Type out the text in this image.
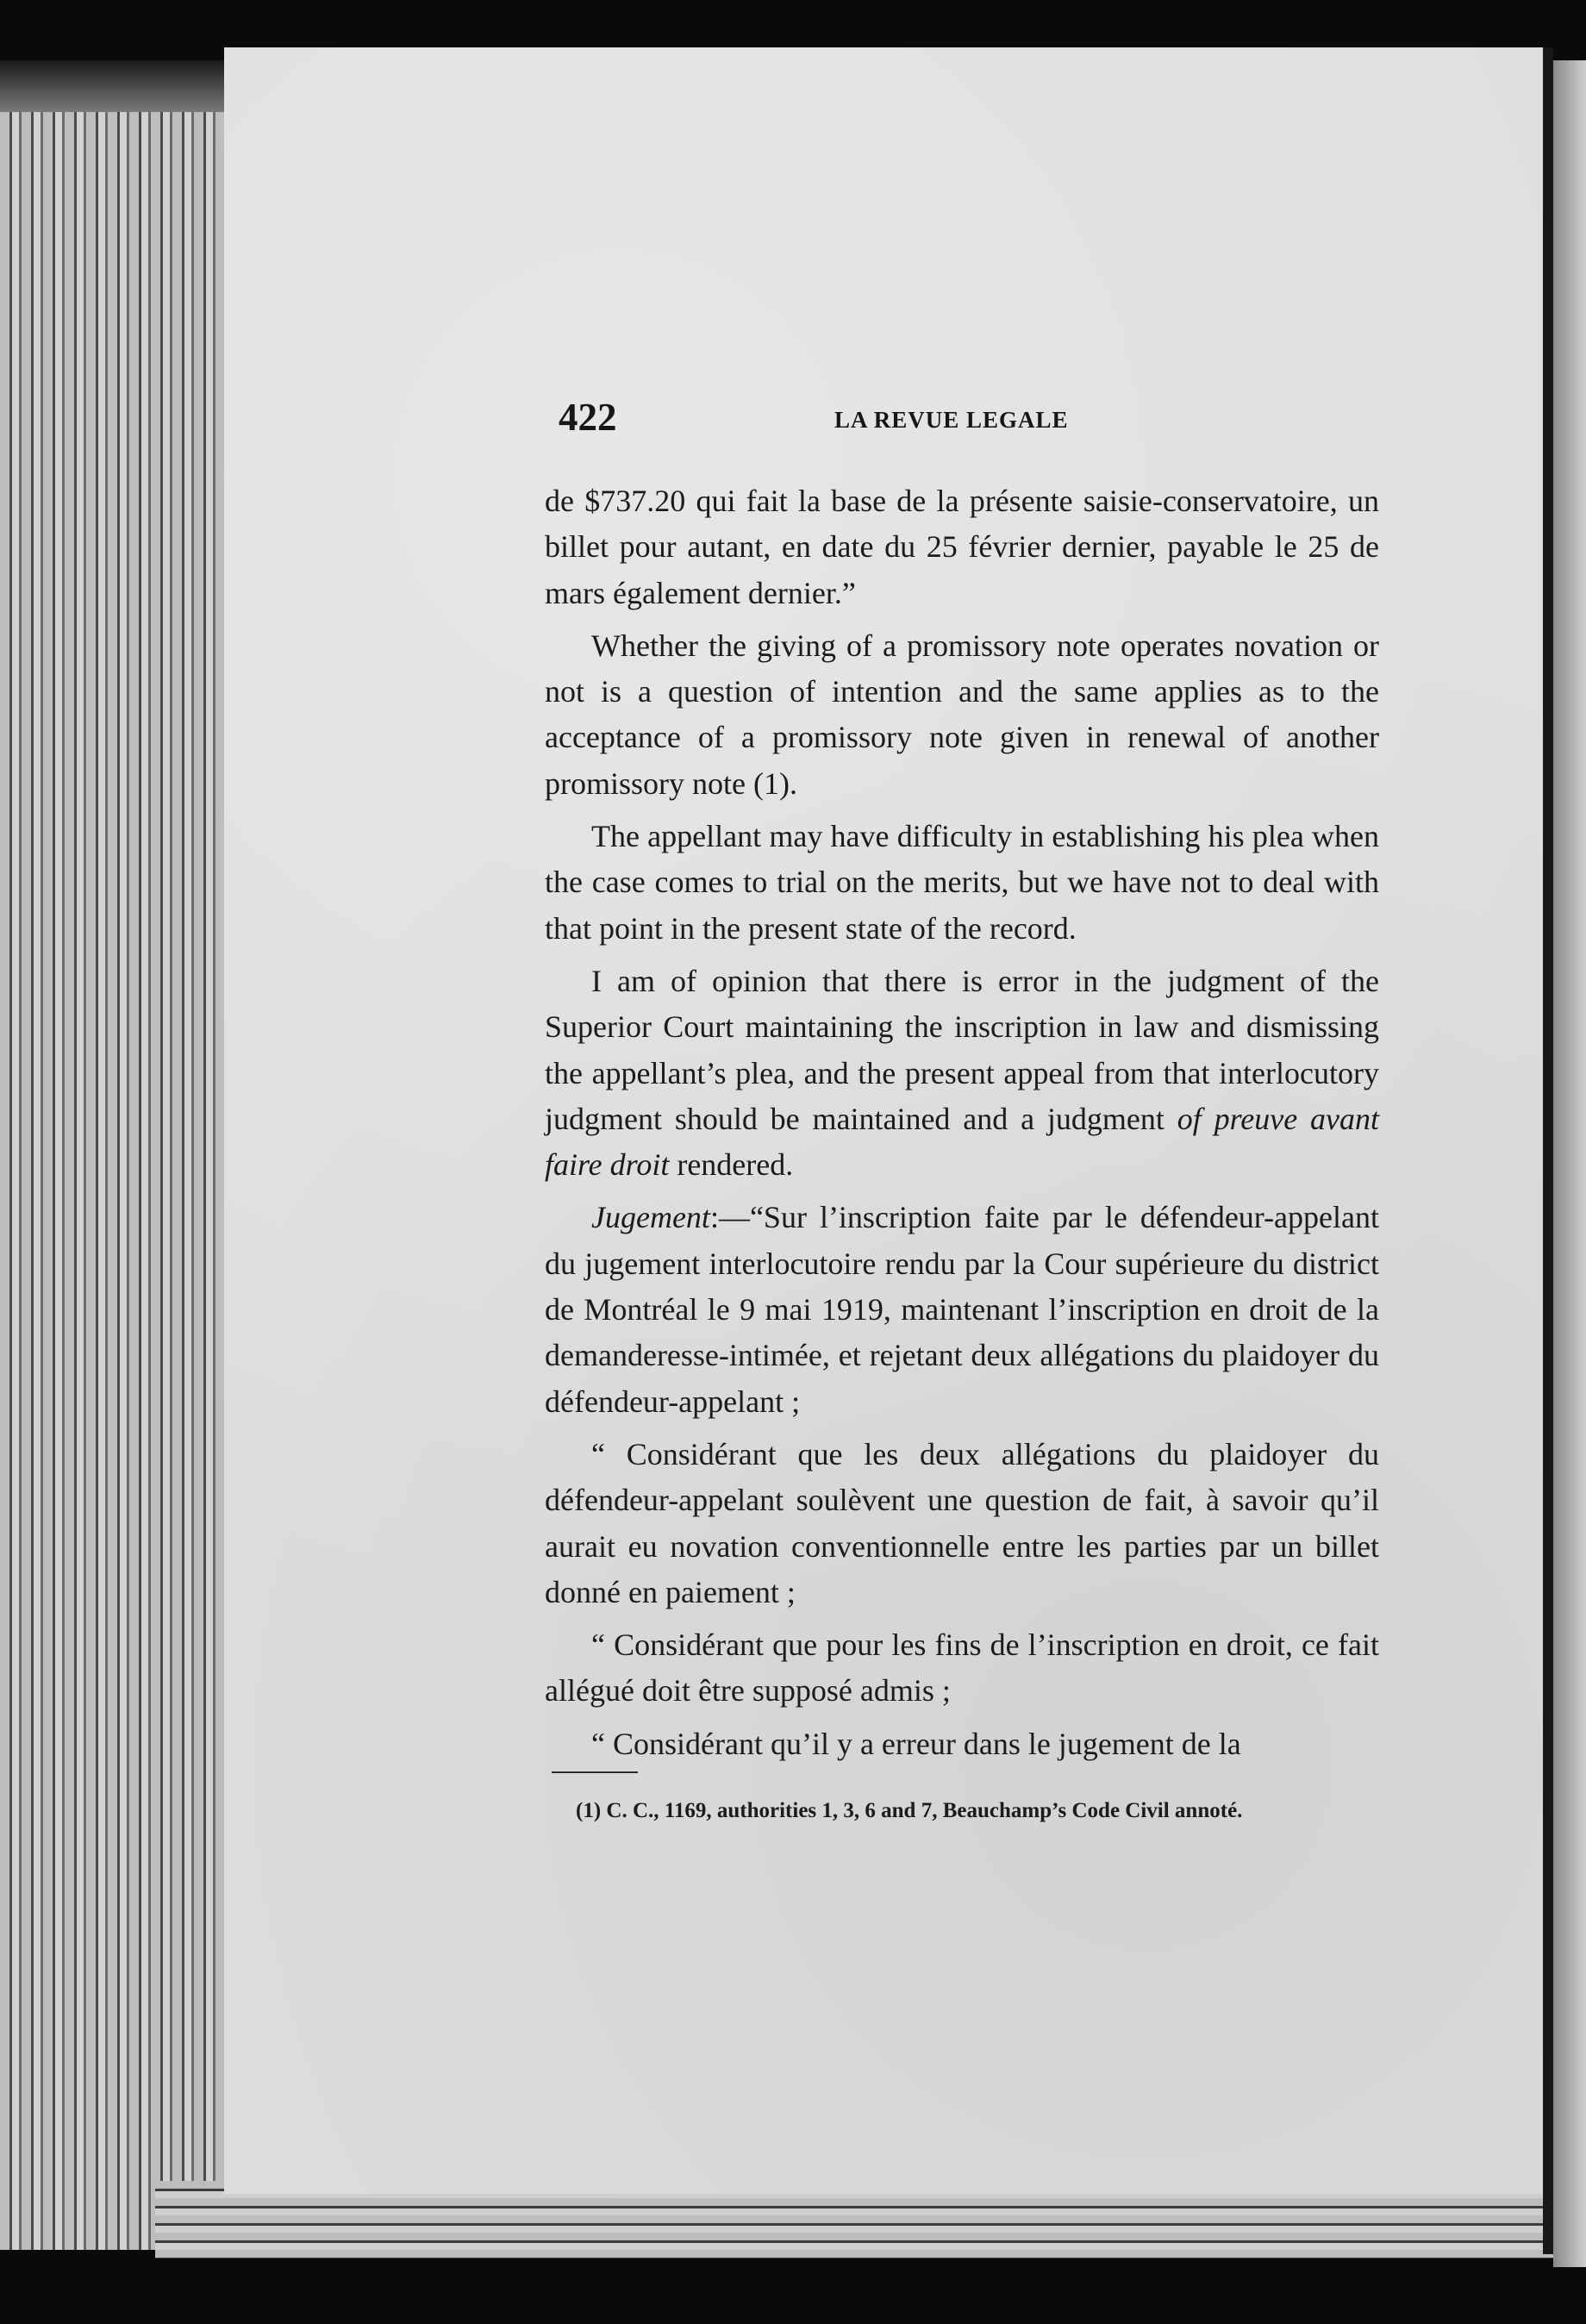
422	LA REVUE LEGALE

de $737.20 qui fait la base de la présente saisie-conservatoire, un billet pour autant, en date du 25 février dernier, payable le 25 de mars également dernier.”

Whether the giving of a promissory note operates novation or not is a question of intention and the same applies as to the acceptance of a promissory note given in renewal of another promissory note (1).

The appellant may have difficulty in establishing his plea when the case comes to trial on the merits, but we have not to deal with that point in the present state of the record.

I am of opinion that there is error in the judgment of the Superior Court maintaining the inscription in law and dismissing the appellant’s plea, and the present appeal from that interlocutory judgment should be maintained and a judgment of preuve avant faire droit rendered.

Jugement:—“Sur l’inscription faite par le défendeur-appelant du jugement interlocutoire rendu par la Cour supérieure du district de Montréal le 9 mai 1919, maintenant l’inscription en droit de la demanderesse-intimée, et rejetant deux allégations du plaidoyer du défendeur-appelant ;

“ Considérant que les deux allégations du plaidoyer du défendeur-appelant soulèvent une question de fait, à savoir qu’il aurait eu novation conventionnelle entre les parties par un billet donné en paiement ;

“ Considérant que pour les fins de l’inscription en droit, ce fait allégué doit être supposé admis ;

“ Considérant qu’il y a erreur dans le jugement de la

(1) C. C., 1169, authorities 1, 3, 6 and 7, Beauchamp’s Code Civil annoté.
